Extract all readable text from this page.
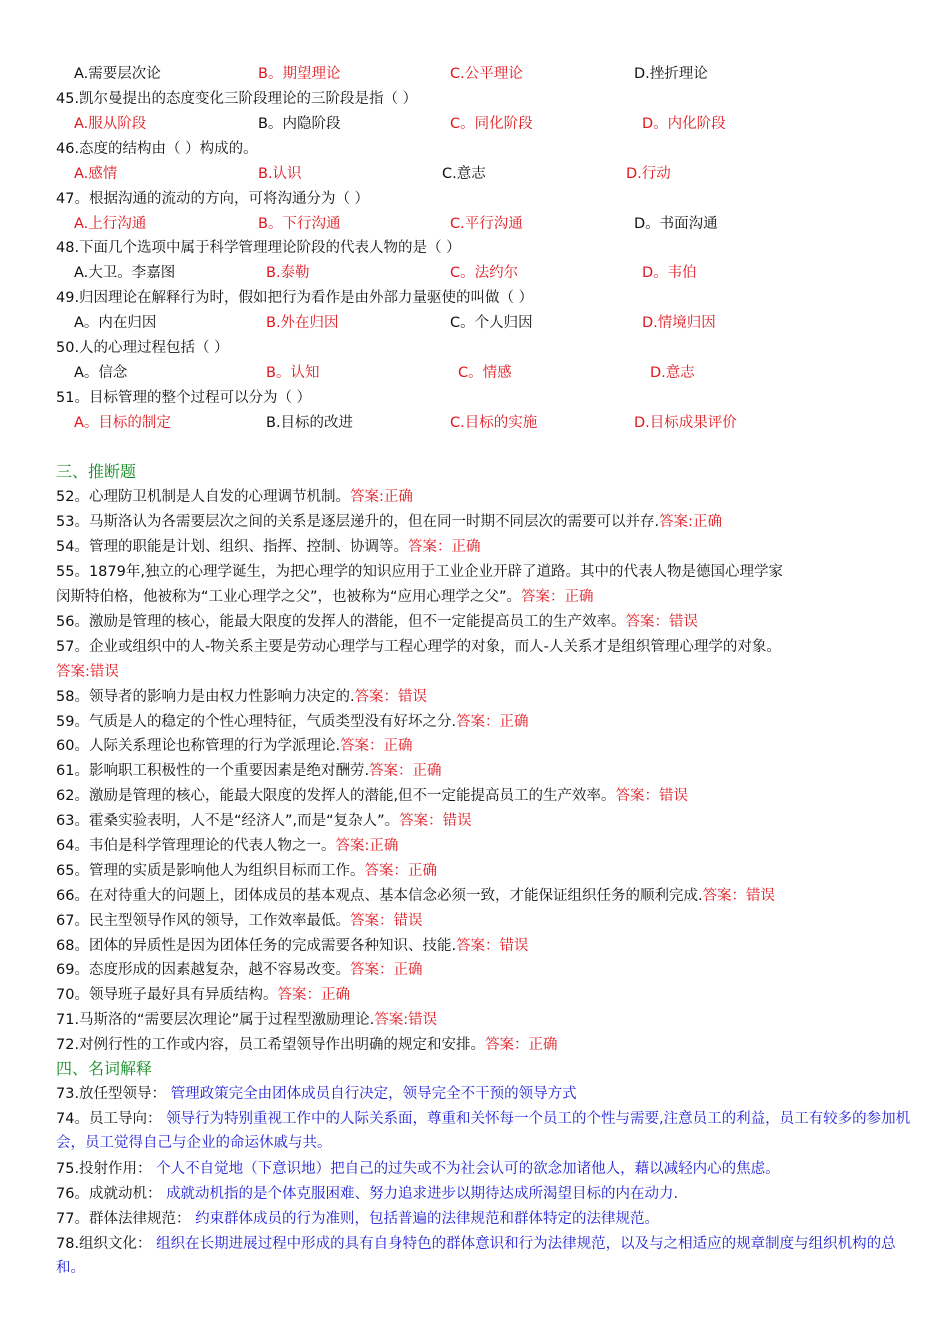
A.需要层次论	B。期望理论	C.公平理论	D.挫折理论
45.凯尔曼提出的态度变化三阶段理论的三阶段是指（ ）
A.服从阶段	B。内隐阶段	C。同化阶段	D。内化阶段
46.态度的结构由（ ）构成的。
A.感情	B.认识	C.意志	D.行动
47。根据沟通的流动的方向，可将沟通分为（ ）
A.上行沟通	B。下行沟通	C.平行沟通	D。书面沟通
48.下面几个选项中属于科学管理理论阶段的代表人物的是（ ）
A.大卫。李嘉图	B.泰勒	C。法约尔	D。韦伯
49.归因理论在解释行为时，假如把行为看作是由外部力量驱使的叫做（ ）
A。内在归因	B.外在归因	C。个人归因	D.情境归因
50.人的心理过程包括（ ）
A。信念	B。认知	C。情感	D.意志
51。目标管理的整个过程可以分为（ ）
A。目标的制定	B.目标的改进	C.目标的实施	D.目标成果评价
三、推断题
52。心理防卫机制是人自发的心理调节机制。答案:正确
53。马斯洛认为各需要层次之间的关系是逐层递升的，但在同一时期不同层次的需要可以并存.答案:正确
54。管理的职能是计划、组织、指挥、控制、协调等。答案：正确
55。1879年,独立的心理学诞生，为把心理学的知识应用于工业企业开辟了道路。其中的代表人物是德国心理学家
闵斯特伯格，他被称为“工业心理学之父”，也被称为“应用心理学之父”。答案：正确
56。激励是管理的核心，能最大限度的发挥人的潜能，但不一定能提高员工的生产效率。答案：错误
57。企业或组织中的人-物关系主要是劳动心理学与工程心理学的对象，而人-人关系才是组织管理心理学的对象。
答案:错误
58。领导者的影响力是由权力性影响力决定的.答案：错误
59。气质是人的稳定的个性心理特征，气质类型没有好坏之分.答案：正确
60。人际关系理论也称管理的行为学派理论.答案：正确
61。影响职工积极性的一个重要因素是绝对酬劳.答案：正确
62。激励是管理的核心，能最大限度的发挥人的潜能,但不一定能提高员工的生产效率。答案：错误
63。霍桑实验表明，人不是“经济人”,而是“复杂人”。答案：错误
64。韦伯是科学管理理论的代表人物之一。答案:正确
65。管理的实质是影响他人为组织目标而工作。答案：正确
66。在对待重大的问题上，团体成员的基本观点、基本信念必须一致，才能保证组织任务的顺利完成.答案：错误
67。民主型领导作风的领导，工作效率最低。答案：错误
68。团体的异质性是因为团体任务的完成需要各种知识、技能.答案：错误
69。态度形成的因素越复杂，越不容易改变。答案：正确
70。领导班子最好具有异质结构。答案：正确
71.马斯洛的“需要层次理论”属于过程型激励理论.答案:错误
72.对例行性的工作或内容，员工希望领导作出明确的规定和安排。答案：正确
四、名词解释
73.放任型领导： 管理政策完全由团体成员自行决定，领导完全不干预的领导方式
74。员工导向： 领导行为特别重视工作中的人际关系面，尊重和关怀每一个员工的个性与需要,注意员工的利益，员工有较多的参加机会，员工觉得自己与企业的命运休戚与共。
75.投射作用： 个人不自觉地（下意识地）把自己的过失或不为社会认可的欲念加诸他人，藉以减轻内心的焦虑。
76。成就动机： 成就动机指的是个体克服困难、努力追求进步以期待达成所渴望目标的内在动力.
77。群体法律规范： 约束群体成员的行为准则，包括普遍的法律规范和群体特定的法律规范。
78.组织文化： 组织在长期进展过程中形成的具有自身特色的群体意识和行为法律规范，以及与之相适应的规章制度与组织机构的总和。
